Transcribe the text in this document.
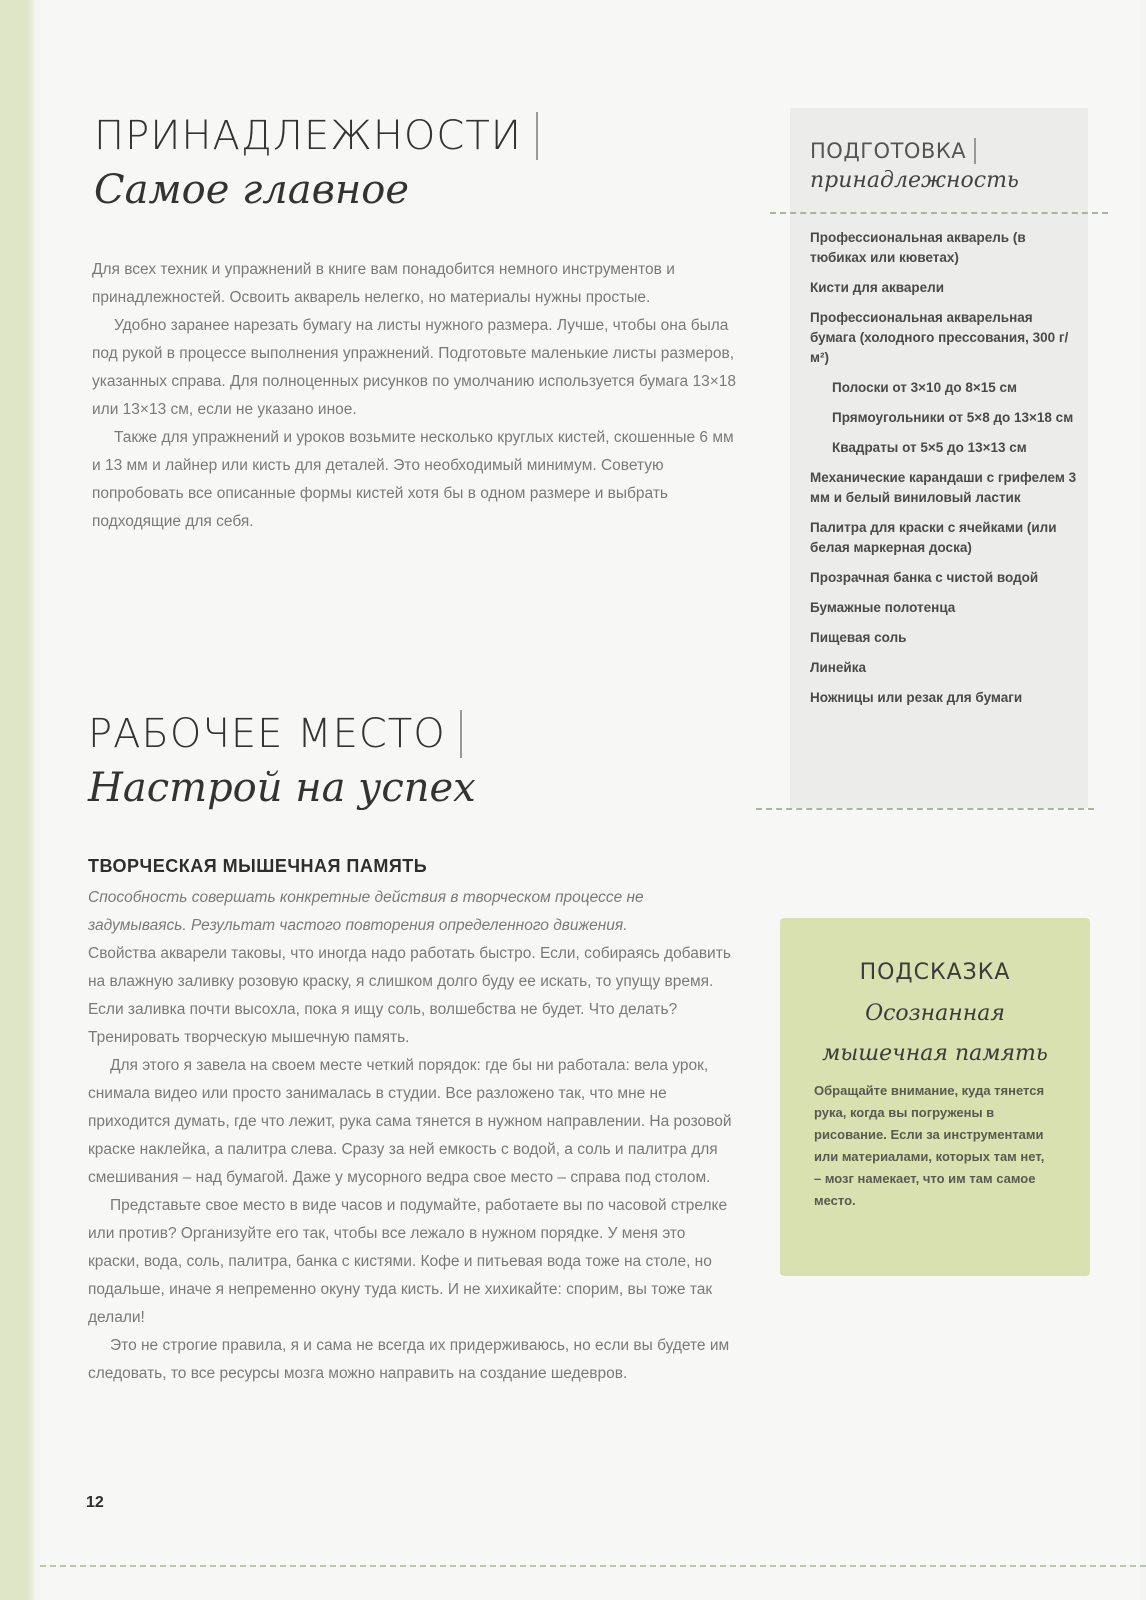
ПРИНАДЛЕЖНОСТИ
Самое главное

Для всех техник и упражнений в книге вам понадобится немного инструментов и принадлежностей. Освоить акварель нелегко, но материалы нужны простые.

Удобно заранее нарезать бумагу на листы нужного размера. Лучше, чтобы она была под рукой в процессе выполнения упражнений. Подготовьте маленькие листы размеров, указанных справа. Для полноценных рисунков по умолчанию используется бумага 13×18 или 13×13 см, если не указано иное.

Также для упражнений и уроков возьмите несколько круглых кистей, скошенные 6 мм и 13 мм и лайнер или кисть для деталей. Это необходимый минимум. Советую попробовать все описанные формы кистей хотя бы в одном размере и выбрать подходящие для себя.

ПОДГОТОВКА
принадлежность
Профессиональная акварель (в тюбиках или кюветах)
Кисти для акварели
Профессиональная акварельная бумага (холодного прессования, 300 г/м²)
Полоски от 3×10 до 8×15 см
Прямоугольники от 5×8 до 13×18 см
Квадраты от 5×5 до 13×13 см
Механические карандаши с грифелем 3 мм и белый виниловый ластик
Палитра для краски с ячейками (или белая маркерная доска)
Прозрачная банка с чистой водой
Бумажные полотенца
Пищевая соль
Линейка
Ножницы или резак для бумаги
РАБОЧЕЕ МЕСТО
Настрой на успех
ТВОРЧЕСКАЯ МЫШЕЧНАЯ ПАМЯТЬ

Способность совершать конкретные действия в творческом процессе не задумываясь. Результат частого повторения определенного движения.

Свойства акварели таковы, что иногда надо работать быстро. Если, собираясь добавить на влажную заливку розовую краску, я слишком долго буду ее искать, то упущу время. Если заливка почти высохла, пока я ищу соль, волшебства не будет. Что делать? Тренировать творческую мышечную память.

Для этого я завела на своем месте четкий порядок: где бы ни работала: вела урок, снимала видео или просто занималась в студии. Все разложено так, что мне не приходится думать, где что лежит, рука сама тянется в нужном направлении. На розовой краске наклейка, а палитра слева. Сразу за ней емкость с водой, а соль и палитра для смешивания – над бумагой. Даже у мусорного ведра свое место – справа под столом.

Представьте свое место в виде часов и подумайте, работаете вы по часовой стрелке или против? Организуйте его так, чтобы все лежало в нужном порядке. У меня это краски, вода, соль, палитра, банка с кистями. Кофе и питьевая вода тоже на столе, но подальше, иначе я непременно окуну туда кисть. И не хихикайте: спорим, вы тоже так делали!

Это не строгие правила, я и сама не всегда их придерживаюсь, но если вы будете им следовать, то все ресурсы мозга можно направить на создание шедевров.

ПОДСКАЗКА
Осознанная
мышечная память
Обращайте внимание, куда тянется рука, когда вы погружены в рисование. Если за инструментами или материалами, которых там нет, – мозг намекает, что им там самое место.
12
